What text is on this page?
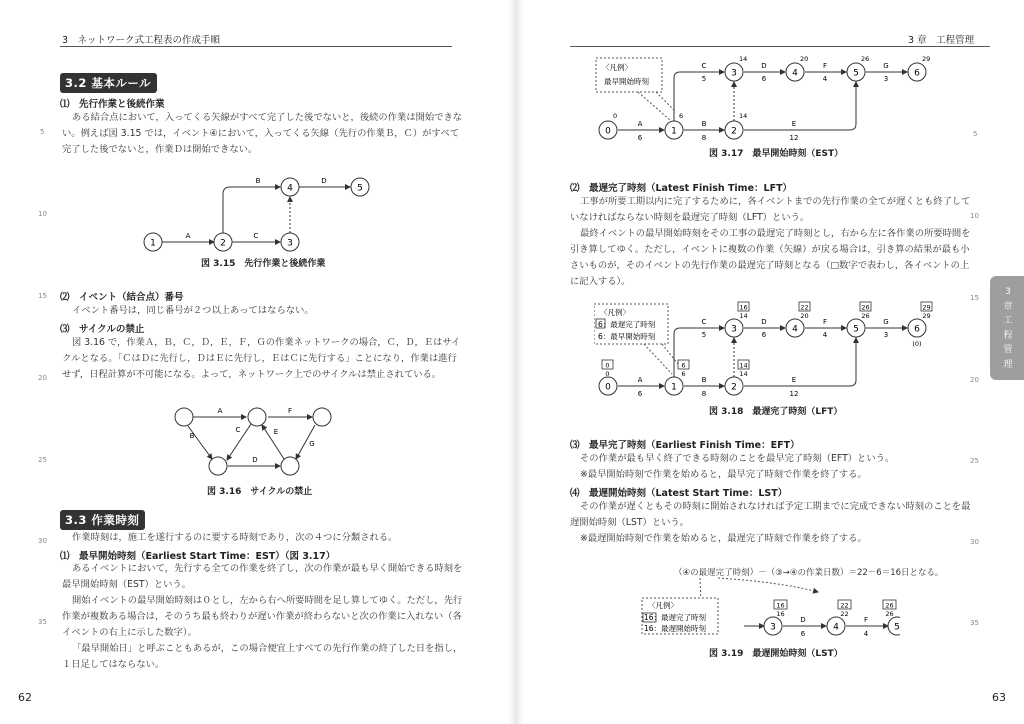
3　ネットワーク式工程表の作成手順
5
10
15
20
25
30
35
3.2 基本ルール
⑴　先行作業と後続作業
ある結合点において，入ってくる矢線がすべて完了した後でないと，後続の作業は開始できな
い。例えば図 3.15 では，イベント④において，入ってくる矢線（先行の作業Ｂ，Ｃ）がすべて
完了した後でないと，作業Ｄは開始できない。
1	2	3
4	5
A
B
C
D
図 3.15　先行作業と後続作業
⑵　イベント（結合点）番号
イベント番号は，同じ番号が２つ以上あってはならない。
⑶　サイクルの禁止
図 3.16 で，作業Ａ，Ｂ，Ｃ，Ｄ，Ｅ，Ｆ，Ｇの作業ネットワークの場合，Ｃ，Ｄ，Ｅはサイ
クルとなる。「ＣはＤに先行し，ＤはＥに先行し，ＥはＣに先行する」ことになり，作業は進行
せず，日程計算が不可能になる。よって，ネットワーク上でのサイクルは禁止されている。
A
B
C
D
E
F
G
図 3.16　サイクルの禁止
3.3 作業時刻
作業時刻は，施工を遂行するのに要する時刻であり，次の４つに分類される。
⑴　最早開始時刻（Earliest Start Time：EST）（図 3.17）
あるイベントにおいて，先行する全ての作業を終了し，次の作業が最も早く開始できる時刻を
最早開始時刻（EST）という。
開始イベントの最早開始時刻は０とし，左から右へ所要時間を足し算してゆく。ただし，先行
作業が複数ある場合は，そのうち最も終わりが遅い作業が終わらないと次の作業に入れない（各
イベントの右上に示した数字）。
「最早開始日」と呼ぶこともあるが，この場合便宜上すべての先行作業の終了した日を指し，
１日足してはならない。
62
3 章　工程管理
5
10
15
20
25
30
35
〈凡例〉
最早開始時刻
0	1	2
3	4	5	6
0	6	14
14	20	26	29
A
6
B
8
C
5
D
6
E
12
F
4
G
3
図 3.17　最早開始時刻（EST）
⑵　最遅完了時刻（Latest Finish Time：LFT）
工事が所要工期以内に完了するために，各イベントまでの先行作業の全てが遅くとも終了して
いなければならない時刻を最遅完了時刻（LFT）という。
最終イベントの最早開始時刻をその工事の最遅完了時刻とし，右から左に各作業の所要時間を
引き算してゆく。ただし，イベントに複数の作業（矢線）が戻る場合は，引き算の結果が最も小
さいものが，そのイベントの先行作業の最遅完了時刻となる（□数字で表わし，各イベントの上
に記入する）。
〈凡例〉
6：最遅完了時刻
6：最早開始時刻
0	1	2
3	4	5	6
0
0
6
6
14
14
16
14
22
20
26
26
29
29
(0)
A
6
B
8
C
5
D
6
E
12
F
4
G
3
図 3.18　最遅完了時刻（LFT）
⑶　最早完了時刻（Earliest Finish Time：EFT）
その作業が最も早く終了できる時刻のことを最早完了時刻（EFT）という。
※最早開始時刻で作業を始めると，最早完了時刻で作業を終了する。
⑷　最遅開始時刻（Latest Start Time：LST）
その作業が遅くともその時刻に開始されなければ予定工期までに完成できない時刻のことを最
遅開始時刻（LST）という。
※最遅開始時刻で作業を始めると，最遅完了時刻で作業を終了する。
（④の最遅完了時刻）－（③→④の作業日数）＝22－6＝16日となる。
〈凡例〉
16：最遅完了時刻
16：最遅開始時刻	3	4	5
16
16
22
22
26
26
D
6
F
4
図 3.19　最遅開始時刻（LST）
63
3
章
工
程
管
理
